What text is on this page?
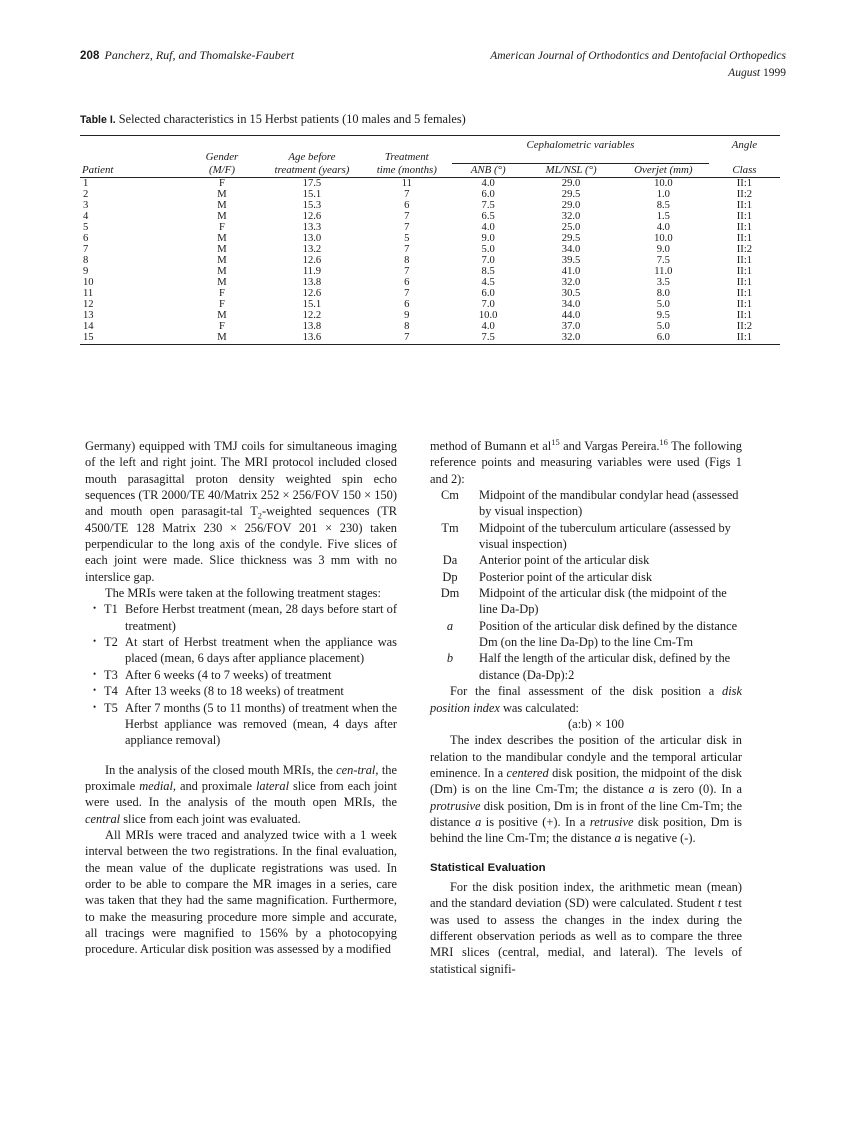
208 Pancherz, Ruf, and Thomalske-Faubert	American Journal of Orthodontics and Dentofacial Orthopedics
August 1999
Table I. Selected characteristics in 15 Herbst patients (10 males and 5 females)

				Cephalometric variables			Angle
	Gender	Age before	Treatment				
Patient	(M/F)	treatment (years)	time (months)	ANB (°)	ML/NSL (°)	Overjet (mm)	Class

1	F	17.5	11	4.0	29.0	10.0	II:1
2	M	15.1	7	6.0	29.5	1.0	II:2
3	M	15.3	6	7.5	29.0	8.5	II:1
4	M	12.6	7	6.5	32.0	1.5	II:1
5	F	13.3	7	4.0	25.0	4.0	II:1
6	M	13.0	5	9.0	29.5	10.0	II:1
7	M	13.2	7	5.0	34.0	9.0	II:2
8	M	12.6	8	7.0	39.5	7.5	II:1
9	M	11.9	7	8.5	41.0	11.0	II:1
10	M	13.8	6	4.5	32.0	3.5	II:1
11	F	12.6	7	6.0	30.5	8.0	II:1
12	F	15.1	6	7.0	34.0	5.0	II:1
13	M	12.2	9	10.0	44.0	9.5	II:1
14	F	13.8	8	4.0	37.0	5.0	II:2
15	M	13.6	7	7.5	32.0	6.0	II:1

Germany) equipped with TMJ coils for simultaneous imaging of the left and right joint. The MRI protocol included closed mouth parasagittal proton density weighted spin echo sequences (TR 2000/TE 40/Matrix 252 × 256/FOV 150 × 150) and mouth open parasagit-tal $T_2$-weighted sequences (TR 4500/TE 128 Matrix 230 × 256/FOV 201 × 230) taken perpendicular to the long axis of the condyle. Five slices of each joint were made. Slice thickness was 3 mm with no interslice gap.

The MRIs were taken at the following treatment stages:

• T1 Before Herbst treatment (mean, 28 days before start of treatment)
• T2 At start of Herbst treatment when the appliance was placed (mean, 6 days after appliance placement)
• T3 After 6 weeks (4 to 7 weeks) of treatment
• T4 After 13 weeks (8 to 18 weeks) of treatment
• T5 After 7 months (5 to 11 months) of treatment when the Herbst appliance was removed (mean, 4 days after appliance removal)

In the analysis of the closed mouth MRIs, the cen-tral, the proximale medial, and proximale lateral slice from each joint were used. In the analysis of the mouth open MRIs, the central slice from each joint was evaluated.

All MRIs were traced and analyzed twice with a 1 week interval between the two registrations. In the final evaluation, the mean value of the duplicate registrations was used. In order to be able to compare the MR images in a series, care was taken that they had the same magnification. Furthermore, to make the measuring procedure more simple and accurate, all tracings were magnified to 156% by a photocopying procedure. Articular disk position was assessed by a modified

method of Bumann et $al^{15}$ and Vargas Pereira.$^{16}$ The following reference points and measuring variables were used (Figs 1 and 2):

Cm	Midpoint of the mandibular condylar head (assessed by visual inspection)
Tm	Midpoint of the tuberculum articulare (assessed by visual inspection)
Da	Anterior point of the articular disk
Dp	Posterior point of the articular disk
Dm	Midpoint of the articular disk (the midpoint of the line Da-Dp)
a	Position of the articular disk defined by the distance Dm (on the line Da-Dp) to the line Cm-Tm
b	Half the length of the articular disk, defined by the distance (Da-Dp):2

For the final assessment of the disk position a disk position index was calculated:

(a:b) × 100

The index describes the position of the articular disk in relation to the mandibular condyle and the temporal articular eminence. In a centered disk position, the midpoint of the disk (Dm) is on the line Cm-Tm; the distance a is zero (0). In a protrusive disk position, Dm is in front of the line Cm-Tm; the distance a is positive (+). In a retrusive disk position, Dm is behind the line Cm-Tm; the distance a is negative (-).

Statistical Evaluation

For the disk position index, the arithmetic mean (mean) and the standard deviation (SD) were calculated. Student t test was used to assess the changes in the index during the different observation periods as well as to compare the three MRI slices (central, medial, and lateral). The levels of statistical signifi-
